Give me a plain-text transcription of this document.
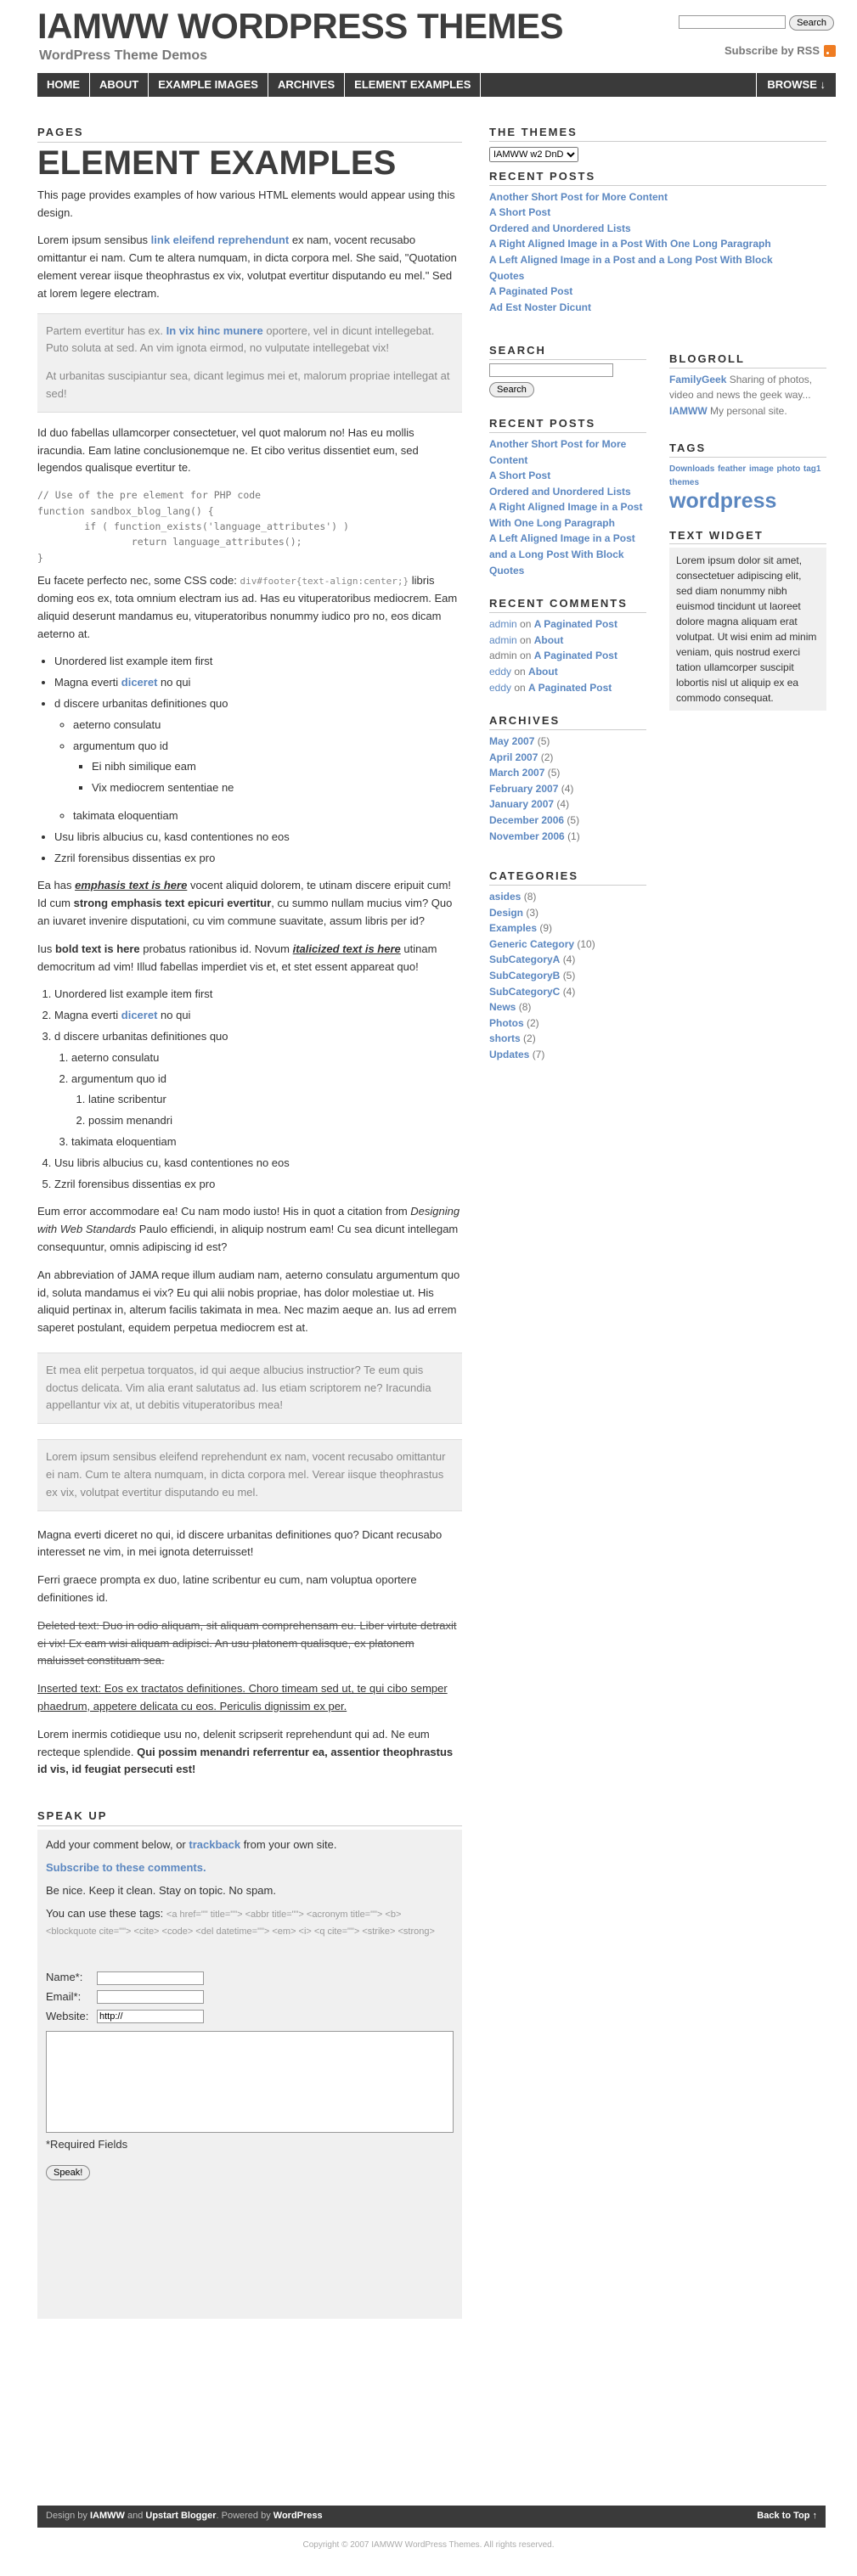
IAMWW WORDPRESS THEMES
WordPress Theme Demos
Search
Subscribe by RSS
HOME	ABOUT	EXAMPLE IMAGES	ARCHIVES	ELEMENT EXAMPLES	BROWSE ↓
PAGES
ELEMENT EXAMPLES

This page provides examples of how various HTML elements would appear using this design.

Lorem ipsum sensibus link eleifend reprehendunt ex nam, vocent recusabo omittantur ei nam. Cum te altera numquam, in dicta corpora mel. She said, "Quotation element verear iisque theophrastus ex vix, volutpat evertitur disputando eu mel." Sed at lorem legere electram.

Partem evertitur has ex. In vix hinc munere oportere, vel in dicunt intellegebat. Puto soluta at sed. An vim ignota eirmod, no vulputate intellegebat vix!

At urbanitas suscipiantur sea, dicant legimus mei et, malorum propriae intellegat at sed!

Id duo fabellas ullamcorper consectetuer, vel quot malorum no! Has eu mollis iracundia. Eam latine conclusionemque ne. Et cibo veritus dissentiet eum, sed legendos qualisque evertitur te.

// Use of the pre element for PHP code
function sandbox_blog_lang() {
if ( function_exists('language_attributes') )
return language_attributes();
}

Eu facete perfecto nec, some CSS code: div#footer{text-align:center;} libris doming eos ex, tota omnium electram ius ad. Has eu vituperatoribus mediocrem. Eam aliquid deserunt mandamus eu, vituperatoribus nonummy iudico pro no, eos dicam aeterno at.

• Unordered list example item first
• Magna everti diceret no qui
• d discere urbanitas definitiones quo
◦ aeterno consulatu
◦ argumentum quo id
▪ Ei nibh similique eam
▪ Vix mediocrem sententiae ne
◦ takimata eloquentiam
• Usu libris albucius cu, kasd contentiones no eos
• Zzril forensibus dissentias ex pro

Ea has emphasis text is here vocent aliquid dolorem, te utinam discere eripuit cum! Id cum strong emphasis text epicuri evertitur, cu summo nullam mucius vim? Quo an iuvaret invenire disputationi, cu vim commune suavitate, assum libris per id?

Ius bold text is here probatus rationibus id. Novum italicized text is here utinam democritum ad vim! Illud fabellas imperdiet vis et, et stet essent appareat quo!

1. Unordered list example item first
2. Magna everti diceret no qui
3. d discere urbanitas definitiones quo
1. aeterno consulatu
2. argumentum quo id
1. latine scribentur
2. possim menandri
3. takimata eloquentiam
4. Usu libris albucius cu, kasd contentiones no eos
5. Zzril forensibus dissentias ex pro

Eum error accommodare ea! Cu nam modo iusto! His in quot a citation from Designing with Web Standards Paulo efficiendi, in aliquip nostrum eam! Cu sea dicunt intellegam consequuntur, omnis adipiscing id est?

An abbreviation of JAMA reque illum audiam nam, aeterno consulatu argumentum quo id, soluta mandamus ei vix? Eu qui alii nobis propriae, has dolor molestiae ut. His aliquid pertinax in, alterum facilis takimata in mea. Nec mazim aeque an. Ius ad errem saperet postulant, equidem perpetua mediocrem est at.

Et mea elit perpetua torquatos, id qui aeque albucius instructior? Te eum quis doctus delicata. Vim alia erant salutatus ad. Ius etiam scriptorem ne? Iracundia appellantur vix at, ut debitis vituperatoribus mea!

Lorem ipsum sensibus eleifend reprehendunt ex nam, vocent recusabo omittantur ei nam. Cum te altera numquam, in dicta corpora mel. Verear iisque theophrastus ex vix, volutpat evertitur disputando eu mel.

Magna everti diceret no qui, id discere urbanitas definitiones quo? Dicant recusabo interesset ne vim, in mei ignota deterruisset!

Ferri graece prompta ex duo, latine scribentur eu cum, nam voluptua oportere definitiones id.

Deleted text: Duo in odio aliquam, sit aliquam comprehensam eu. Liber virtute detraxit ei vix! Ex eam wisi aliquam adipisci. An usu platonem qualisque, ex platonem maluisset constituam sea.

Inserted text: Eos ex tractatos definitiones. Choro timeam sed ut, te qui cibo semper phaedrum, appetere delicata cu eos. Periculis dignissim ex per.

Lorem inermis cotidieque usu no, delenit scripserit reprehendunt qui ad. Ne eum recteque splendide. Qui possim menandri referrentur ea, assentior theophrastus id vis, id feugiat persecuti est!

SPEAK UP

Add your comment below, or trackback from your own site.

Subscribe to these comments.

Be nice. Keep it clean. Stay on topic. No spam.

You can use these tags: <a href="" title=""> <abbr title=""> <acronym title=""> <b> <blockquote cite=""> <cite> <code> <del datetime=""> <em> <i> <q cite=""> <strike> <strong>

Name*:
Email*:
Website:
http://

*Required Fields

Speak!
THE THEMES
IAMWW w2 DnD
RECENT POSTS
Another Short Post for More Content
A Short Post
Ordered and Unordered Lists
A Right Aligned Image in a Post With One Long Paragraph
A Left Aligned Image in a Post and a Long Post With Block Quotes
A Paginated Post
Ad Est Noster Dicunt
SEARCH
Search
RECENT POSTS
Another Short Post for More Content
A Short Post
Ordered and Unordered Lists
A Right Aligned Image in a Post With One Long Paragraph
A Left Aligned Image in a Post and a Long Post With Block Quotes
RECENT COMMENTS
admin on A Paginated Post
admin on About
admin on A Paginated Post
eddy on About
eddy on A Paginated Post
ARCHIVES
May 2007 (5)
April 2007 (2)
March 2007 (5)
February 2007 (4)
January 2007 (4)
December 2006 (5)
November 2006 (1)
CATEGORIES
asides (8)
Design (3)
Examples (9)
Generic Category (10)
SubCategoryA (4)
SubCategoryB (5)
SubCategoryC (4)
News (8)
Photos (2)
shorts (2)
Updates (7)
BLOGROLL
FamilyGeek Sharing of photos, video and news the geek way...
IAMWW My personal site.
TAGS
Downloads feather image photo tag1 themes
wordpress
TEXT WIDGET
Lorem ipsum dolor sit amet, consectetuer adipiscing elit, sed diam nonummy nibh euismod tincidunt ut laoreet dolore magna aliquam erat volutpat. Ut wisi enim ad minim veniam, quis nostrud exerci tation ullamcorper suscipit lobortis nisl ut aliquip ex ea commodo consequat.
Design by IAMWW and Upstart Blogger. Powered by WordPress	Back to Top ↑
Copyright © 2007 IAMWW WordPress Themes. All rights reserved.
